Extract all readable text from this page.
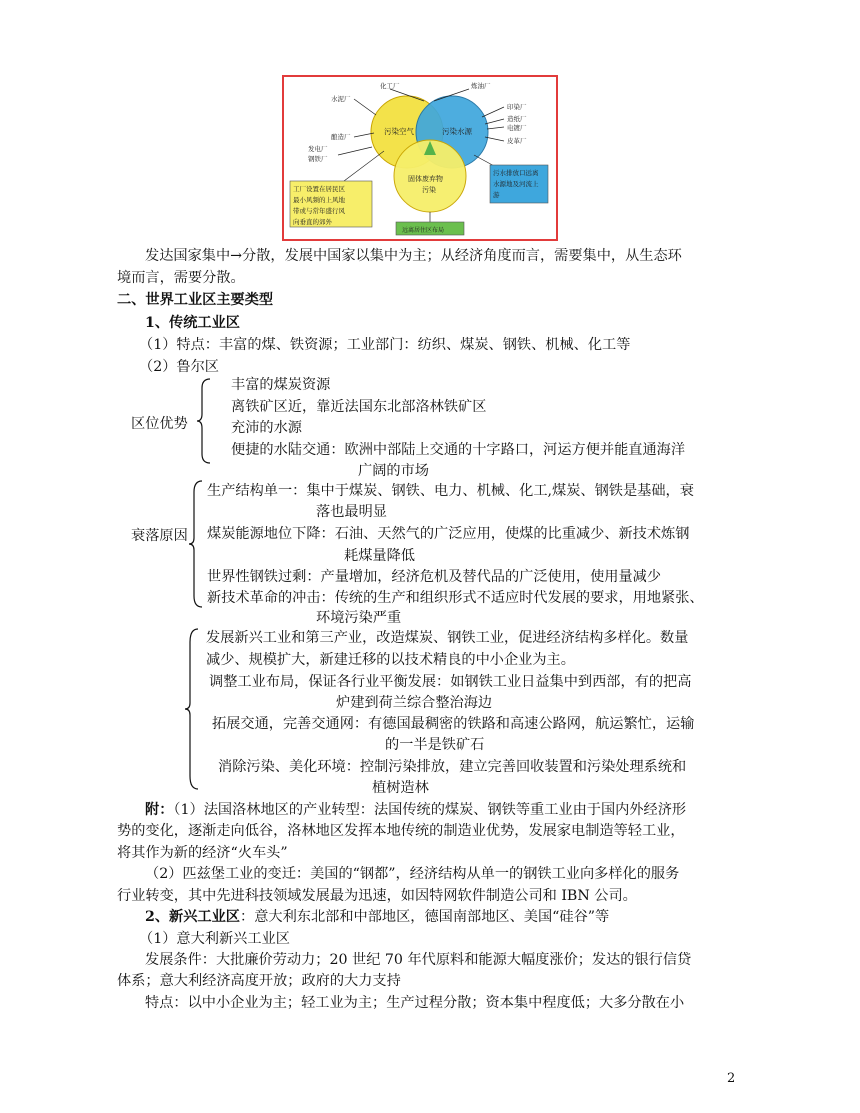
化工厂	炼油厂
水泥厂
酿造厂
发电厂
钢铁厂
印染厂
造纸厂
电镀厂
皮革厂
污染空气	污染水源
固体废弃物
污染
工厂设置在居民区
最小风频的上风地
带或与常年盛行风
向垂直的郊外
污水排放口远离
水源地及河流上
游
远离居住区布局
发达国家集中→分散，发展中国家以集中为主；从经济角度而言，需要集中，从生态环
境而言，需要分散。
二、世界工业区主要类型
1、传统工业区
（1）特点：丰富的煤、铁资源；工业部门：纺织、煤炭、钢铁、机械、化工等
（2）鲁尔区
区位优势
丰富的煤炭资源
离铁矿区近，靠近法国东北部洛林铁矿区
充沛的水源
便捷的水陆交通：欧洲中部陆上交通的十字路口，河运方便并能直通海洋
广阔的市场
衰落原因
生产结构单一：集中于煤炭、钢铁、电力、机械、化工,煤炭、钢铁是基础，衰
落也最明显
煤炭能源地位下降：石油、天然气的广泛应用，使煤的比重减少、新技术炼钢
耗煤量降低
世界性钢铁过剩：产量增加，经济危机及替代品的广泛使用，使用量减少
新技术革命的冲击：传统的生产和组织形式不适应时代发展的要求，用地紧张、
环境污染严重
发展新兴工业和第三产业，改造煤炭、钢铁工业，促进经济结构多样化。数量
减少、规模扩大，新建迁移的以技术精良的中小企业为主。
调整工业布局，保证各行业平衡发展：如钢铁工业日益集中到西部，有的把高
炉建到荷兰综合整治海边
拓展交通，完善交通网：有德国最稠密的铁路和高速公路网，航运繁忙，运输
的一半是铁矿石
消除污染、美化环境：控制污染排放，建立完善回收装置和污染处理系统和
植树造林
附：（1）法国洛林地区的产业转型：法国传统的煤炭、钢铁等重工业由于国内外经济形
势的变化，逐渐走向低谷，洛林地区发挥本地传统的制造业优势，发展家电制造等轻工业，
将其作为新的经济“火车头”
（2）匹兹堡工业的变迁：美国的“钢都”，经济结构从单一的钢铁工业向多样化的服务
行业转变，其中先进科技领域发展最为迅速，如因特网软件制造公司和 IBN 公司。
2、新兴工业区：意大利东北部和中部地区，德国南部地区、美国“硅谷”等
（1）意大利新兴工业区
发展条件：大批廉价劳动力；20 世纪 70 年代原料和能源大幅度涨价；发达的银行信贷
体系；意大利经济高度开放；政府的大力支持
特点：以中小企业为主；轻工业为主；生产过程分散；资本集中程度低；大多分散在小
2
